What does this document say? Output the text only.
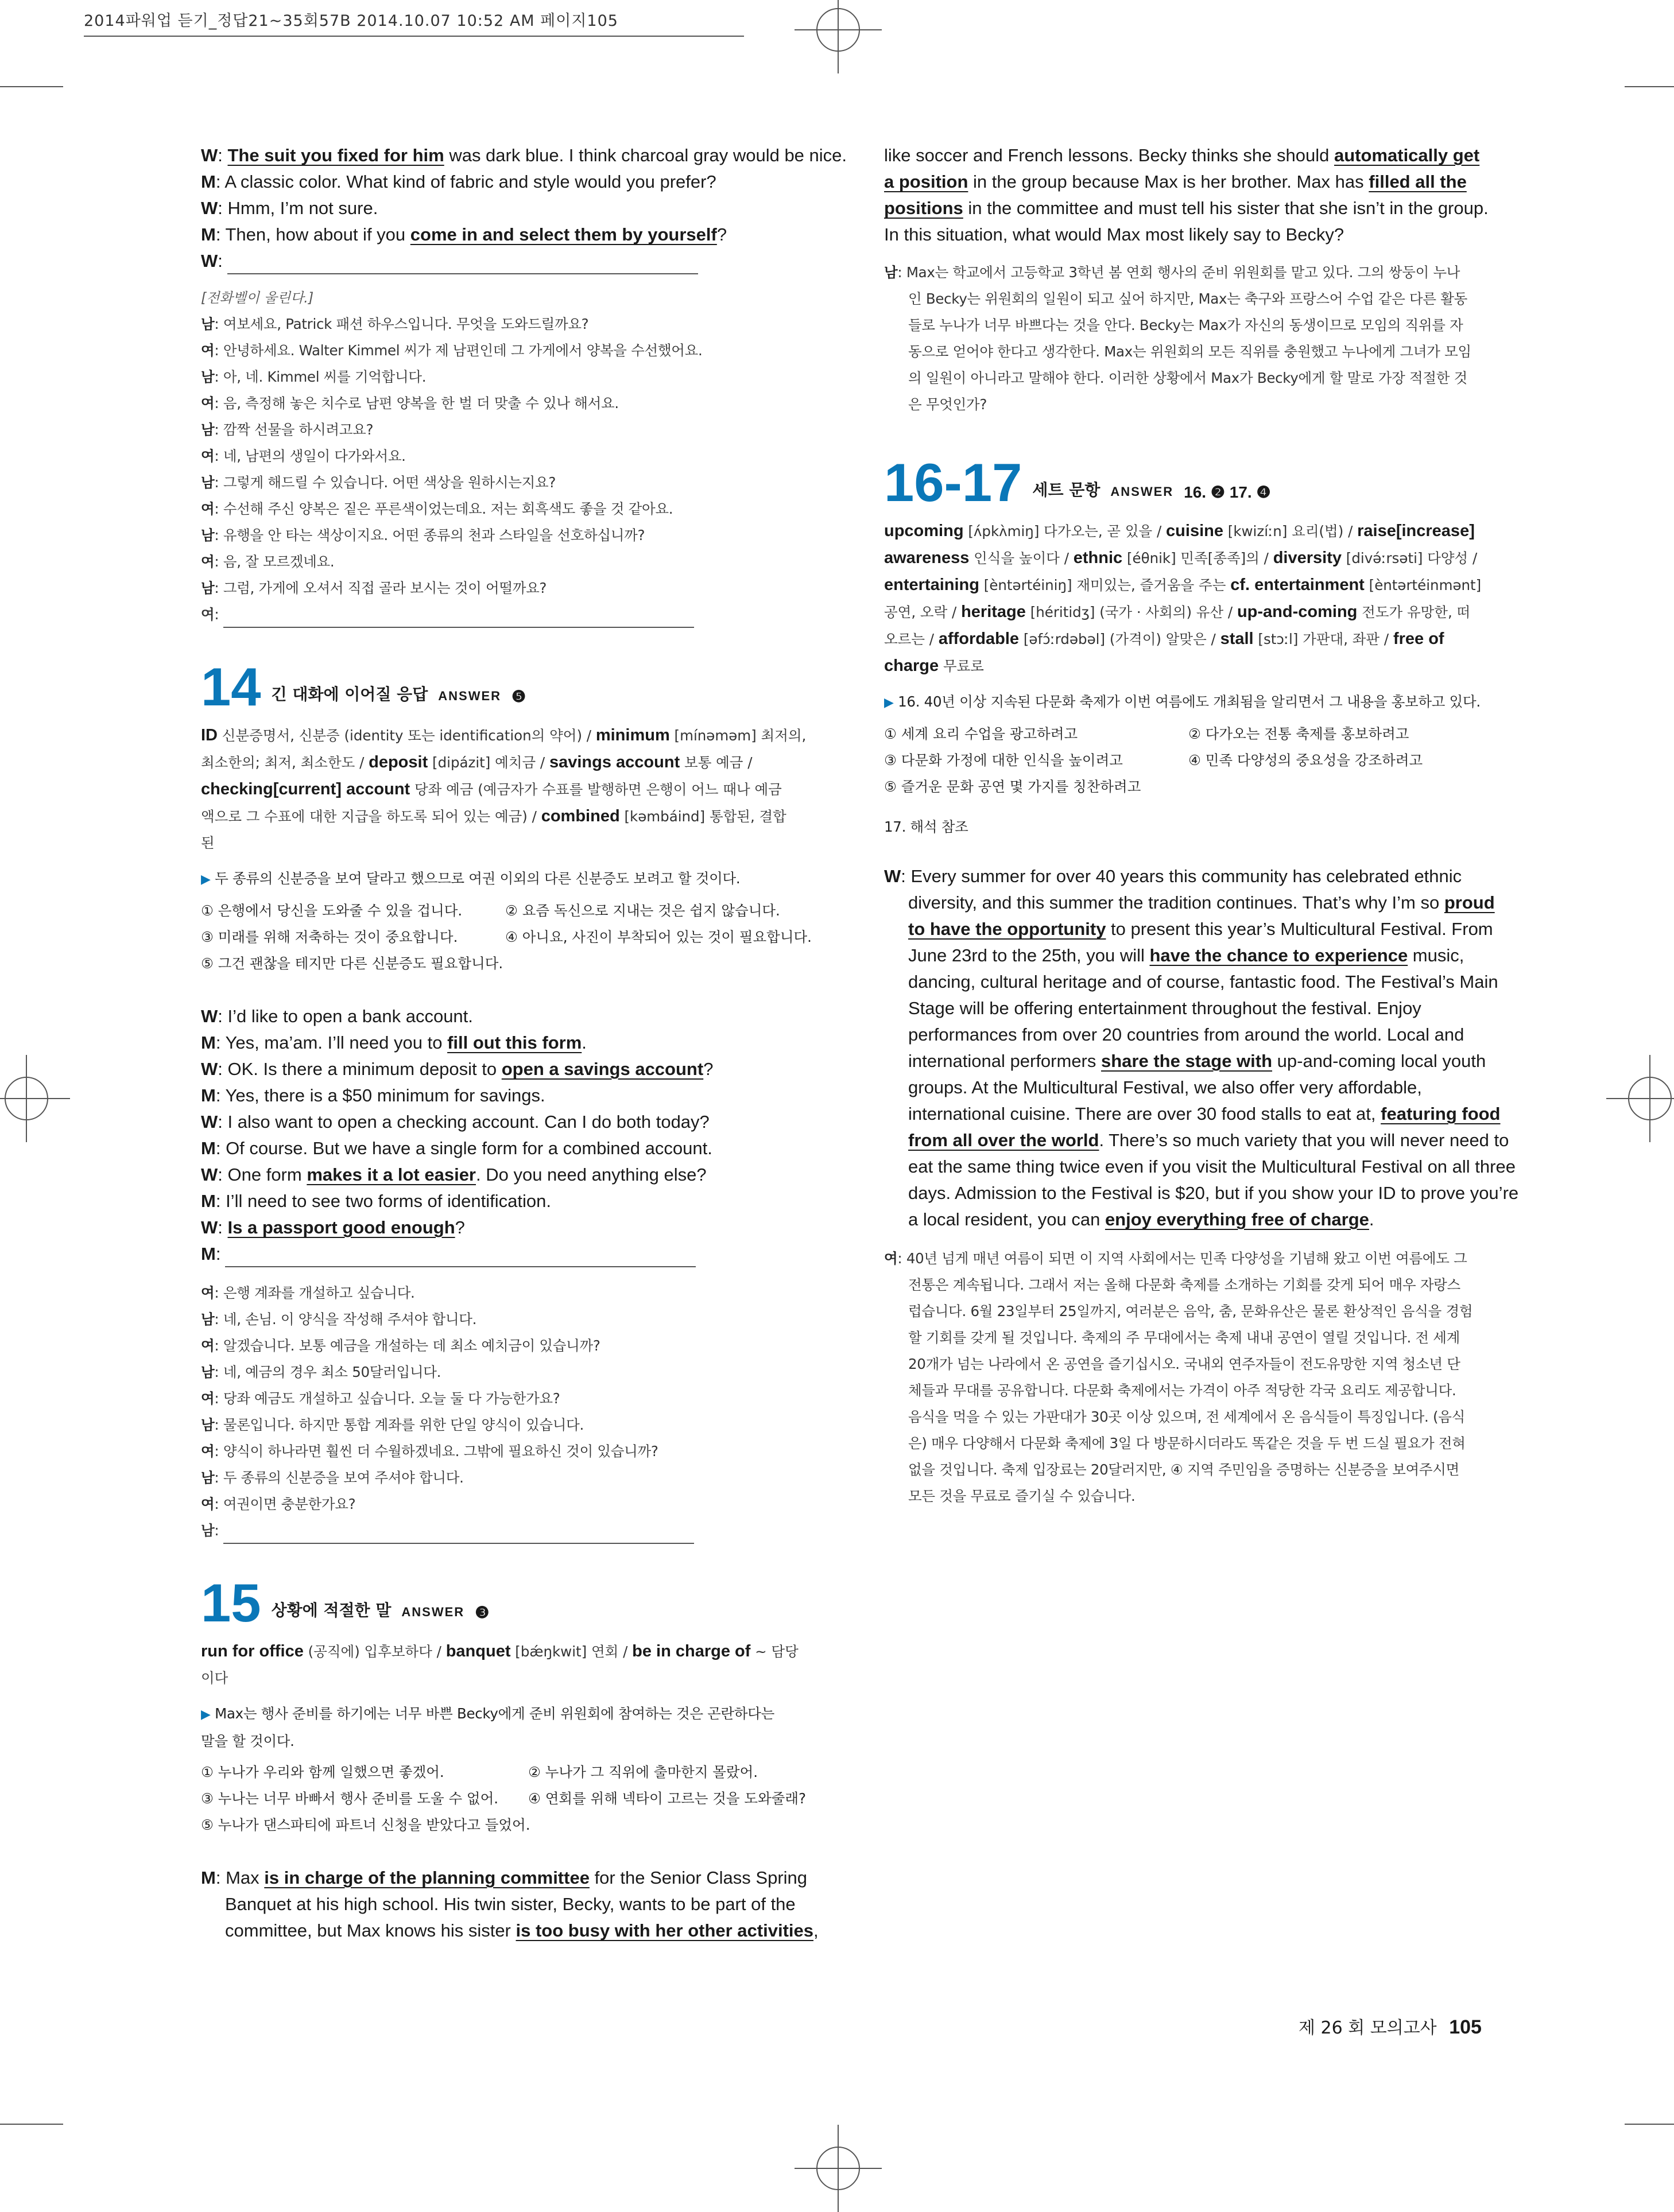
2014파워업 듣기_정답21~35회57B 2014.10.07 10:52 AM 페이지105
W: The suit you fixed for him was dark blue. I think charcoal gray would be nice.
M: A classic color. What kind of fabric and style would you prefer?
W: Hmm, I’m not sure.
M: Then, how about if you come in and select them by yourself?
W:
[전화벨이 울린다.]
남: 여보세요, Patrick 패션 하우스입니다. 무엇을 도와드릴까요?
여: 안녕하세요. Walter Kimmel 씨가 제 남편인데 그 가게에서 양복을 수선했어요.
남: 아, 네. Kimmel 씨를 기억합니다.
여: 음, 측정해 놓은 치수로 남편 양복을 한 벌 더 맞출 수 있나 해서요.
남: 깜짝 선물을 하시려고요?
여: 네, 남편의 생일이 다가와서요.
남: 그렇게 해드릴 수 있습니다. 어떤 색상을 원하시는지요?
여: 수선해 주신 양복은 짙은 푸른색이었는데요. 저는 회흑색도 좋을 것 같아요.
남: 유행을 안 타는 색상이지요. 어떤 종류의 천과 스타일을 선호하십니까?
여: 음, 잘 모르겠네요.
남: 그럼, 가게에 오셔서 직접 골라 보시는 것이 어떨까요?
여:
14 긴 대화에 이어질 응답 ANSWER ❺
ID 신분증명서, 신분증 (identity 또는 identification의 약어) / minimum [mínəməm] 최저의,
최소한의; 최저, 최소한도 / deposit [dipázit] 예치금 / savings account 보통 예금 /
checking[current] account 당좌 예금 (예금자가 수표를 발행하면 은행이 어느 때나 예금
액으로 그 수표에 대한 지급을 하도록 되어 있는 예금) / combined [kəmbáind] 통합된, 결합
된
▶ 두 종류의 신분증을 보여 달라고 했으므로 여권 이외의 다른 신분증도 보려고 할 것이다.
① 은행에서 당신을 도와줄 수 있을 겁니다.	② 요즘 독신으로 지내는 것은 쉽지 않습니다.
③ 미래를 위해 저축하는 것이 중요합니다.	④ 아니요, 사진이 부착되어 있는 것이 필요합니다.
⑤ 그건 괜찮을 테지만 다른 신분증도 필요합니다.
W: I’d like to open a bank account.
M: Yes, ma’am. I’ll need you to fill out this form.
W: OK. Is there a minimum deposit to open a savings account?
M: Yes, there is a $50 minimum for savings.
W: I also want to open a checking account. Can I do both today?
M: Of course. But we have a single form for a combined account.
W: One form makes it a lot easier. Do you need anything else?
M: I’ll need to see two forms of identification.
W: Is a passport good enough?
M:
여: 은행 계좌를 개설하고 싶습니다.
남: 네, 손님. 이 양식을 작성해 주셔야 합니다.
여: 알겠습니다. 보통 예금을 개설하는 데 최소 예치금이 있습니까?
남: 네, 예금의 경우 최소 50달러입니다.
여: 당좌 예금도 개설하고 싶습니다. 오늘 둘 다 가능한가요?
남: 물론입니다. 하지만 통합 계좌를 위한 단일 양식이 있습니다.
여: 양식이 하나라면 훨씬 더 수월하겠네요. 그밖에 필요하신 것이 있습니까?
남: 두 종류의 신분증을 보여 주셔야 합니다.
여: 여권이면 충분한가요?
남:
15 상황에 적절한 말 ANSWER ❸
run for office (공직에) 입후보하다 / banquet [bǽŋkwit] 연회 / be in charge of ~ 담당
이다
▶ Max는 행사 준비를 하기에는 너무 바쁜 Becky에게 준비 위원회에 참여하는 것은 곤란하다는
말을 할 것이다.
① 누나가 우리와 함께 일했으면 좋겠어.	② 누나가 그 직위에 출마한지 몰랐어.
③ 누나는 너무 바빠서 행사 준비를 도울 수 없어.	④ 연회를 위해 넥타이 고르는 것을 도와줄래?
⑤ 누나가 댄스파티에 파트너 신청을 받았다고 들었어.
M: Max is in charge of the planning committee for the Senior Class Spring
Banquet at his high school. His twin sister, Becky, wants to be part of the
committee, but Max knows his sister is too busy with her other activities,
like soccer and French lessons. Becky thinks she should automatically get
a position in the group because Max is her brother. Max has filled all the
positions in the committee and must tell his sister that she isn’t in the group.
In this situation, what would Max most likely say to Becky?
남: Max는 학교에서 고등학교 3학년 봄 연회 행사의 준비 위원회를 맡고 있다. 그의 쌍둥이 누나
인 Becky는 위원회의 일원이 되고 싶어 하지만, Max는 축구와 프랑스어 수업 같은 다른 활동
들로 누나가 너무 바쁘다는 것을 안다. Becky는 Max가 자신의 동생이므로 모임의 직위를 자
동으로 얻어야 한다고 생각한다. Max는 위원회의 모든 직위를 충원했고 누나에게 그녀가 모임
의 일원이 아니라고 말해야 한다. 이러한 상황에서 Max가 Becky에게 할 말로 가장 적절한 것
은 무엇인가?
16-17 세트 문항 ANSWER 16. ❷ 17. ❹
upcoming [ʌ́pkʌ̀miŋ] 다가오는, 곧 있을 / cuisine [kwizíːn] 요리(법) / raise[increase]
awareness 인식을 높이다 / ethnic [éθnik] 민족[종족]의 / diversity [divə́ːrsəti] 다양성 /
entertaining [èntərtéiniŋ] 재미있는, 즐거움을 주는 cf. entertainment [èntərtéinmənt]
공연, 오락 / heritage [héritidʒ] (국가 · 사회의) 유산 / up-and-coming 전도가 유망한, 떠
오르는 / affordable [əfɔ́ːrdəbəl] (가격이) 알맞은 / stall [stɔːl] 가판대, 좌판 / free of
charge 무료로
▶ 16. 40년 이상 지속된 다문화 축제가 이번 여름에도 개최됨을 알리면서 그 내용을 홍보하고 있다.
① 세계 요리 수업을 광고하려고	② 다가오는 전통 축제를 홍보하려고
③ 다문화 가정에 대한 인식을 높이려고	④ 민족 다양성의 중요성을 강조하려고
⑤ 즐거운 문화 공연 몇 가지를 칭찬하려고
17. 해석 참조
W: Every summer for over 40 years this community has celebrated ethnic
diversity, and this summer the tradition continues. That’s why I’m so proud
to have the opportunity to present this year’s Multicultural Festival. From
June 23rd to the 25th, you will have the chance to experience music,
dancing, cultural heritage and of course, fantastic food. The Festival’s Main
Stage will be offering entertainment throughout the festival. Enjoy
performances from over 20 countries from around the world. Local and
international performers share the stage with up-and-coming local youth
groups. At the Multicultural Festival, we also offer very affordable,
international cuisine. There are over 30 food stalls to eat at, featuring food
from all over the world. There’s so much variety that you will never need to
eat the same thing twice even if you visit the Multicultural Festival on all three
days. Admission to the Festival is $20, but if you show your ID to prove you’re
a local resident, you can enjoy everything free of charge.
여: 40년 넘게 매년 여름이 되면 이 지역 사회에서는 민족 다양성을 기념해 왔고 이번 여름에도 그
전통은 계속됩니다. 그래서 저는 올해 다문화 축제를 소개하는 기회를 갖게 되어 매우 자랑스
럽습니다. 6월 23일부터 25일까지, 여러분은 음악, 춤, 문화유산은 물론 환상적인 음식을 경험
할 기회를 갖게 될 것입니다. 축제의 주 무대에서는 축제 내내 공연이 열릴 것입니다. 전 세계
20개가 넘는 나라에서 온 공연을 즐기십시오. 국내외 연주자들이 전도유망한 지역 청소년 단
체들과 무대를 공유합니다. 다문화 축제에서는 가격이 아주 적당한 각국 요리도 제공합니다.
음식을 먹을 수 있는 가판대가 30곳 이상 있으며, 전 세계에서 온 음식들이 특징입니다. (음식
은) 매우 다양해서 다문화 축제에 3일 다 방문하시더라도 똑같은 것을 두 번 드실 필요가 전혀
없을 것입니다. 축제 입장료는 20달러지만, ④ 지역 주민임을 증명하는 신분증을 보여주시면
모든 것을 무료로 즐기실 수 있습니다.
제 26 회 모의고사 105
